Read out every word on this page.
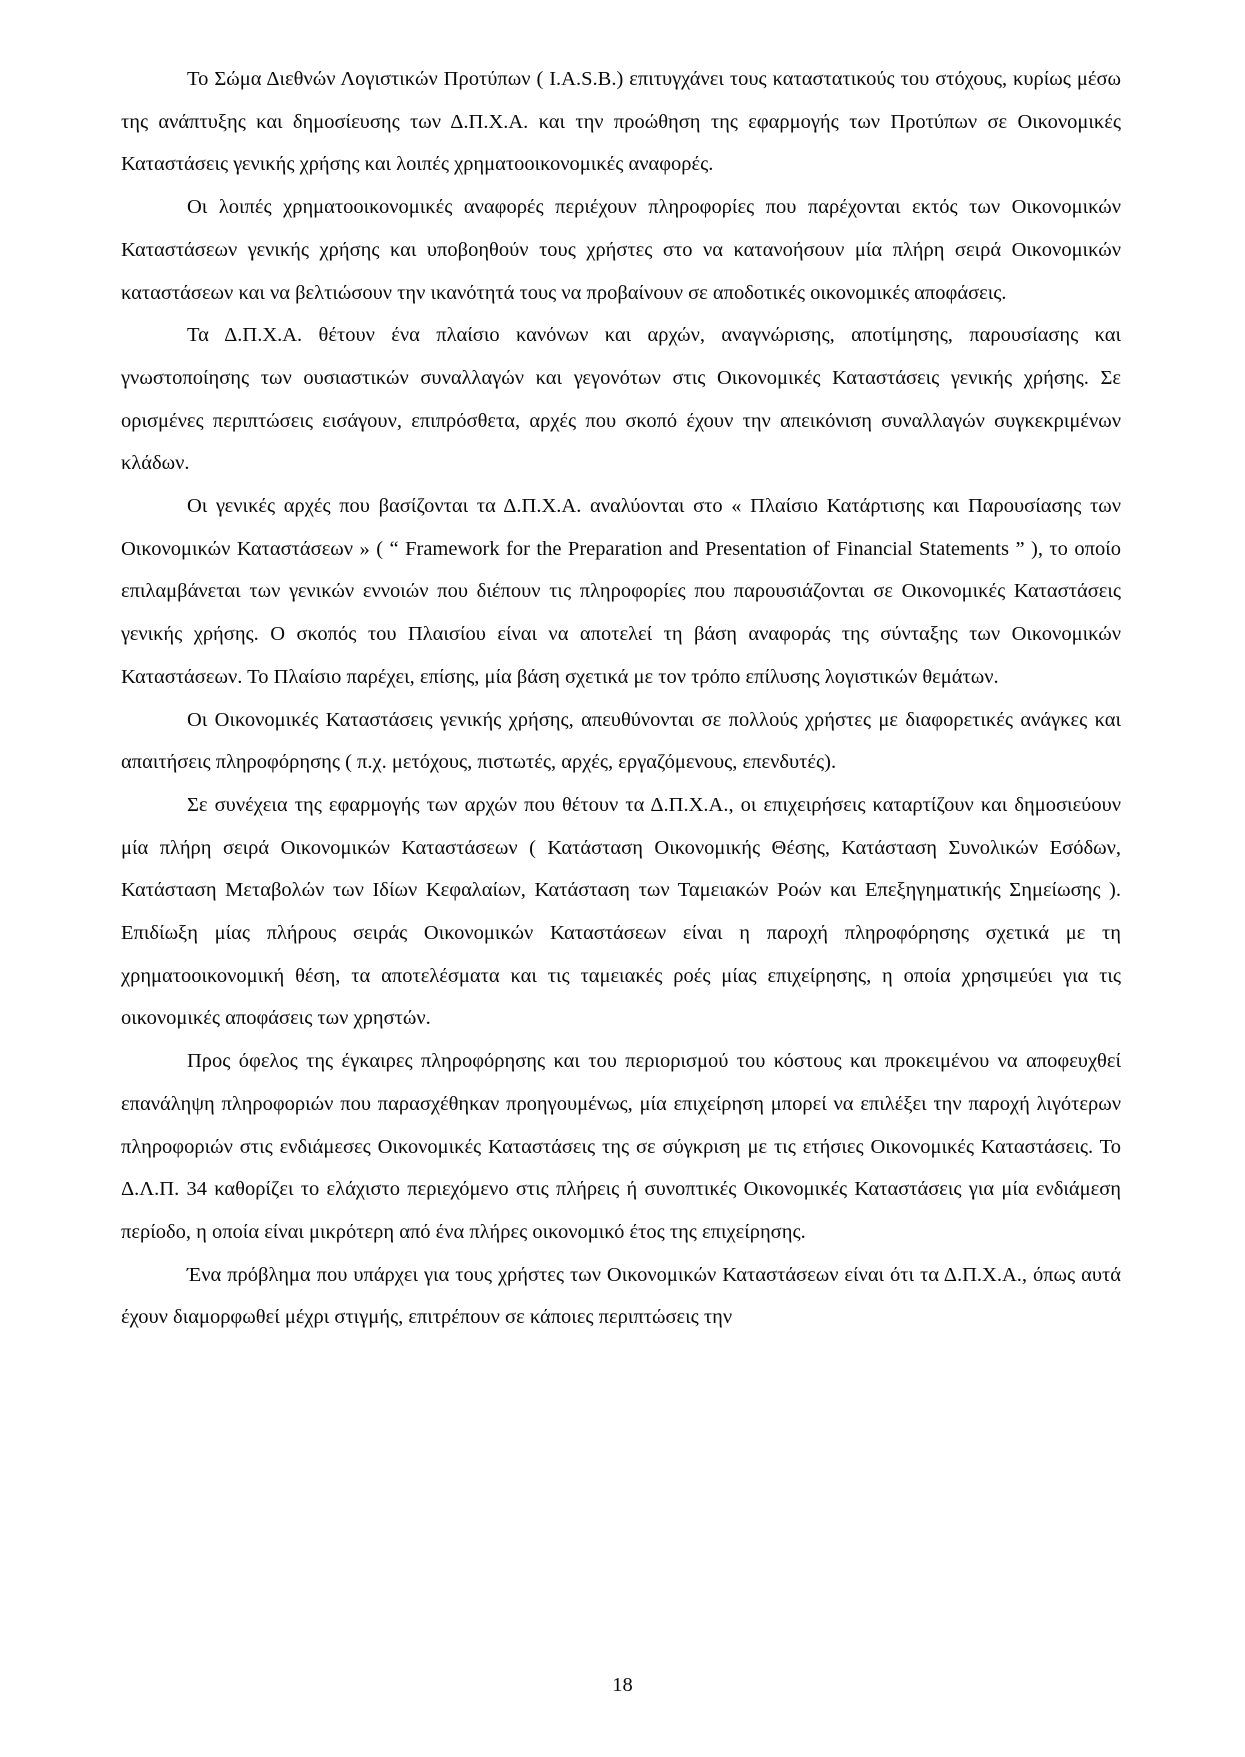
Το Σώμα Διεθνών Λογιστικών Προτύπων ( I.A.S.B.) επιτυγχάνει τους καταστατικούς του στόχους, κυρίως μέσω της ανάπτυξης και δημοσίευσης των Δ.Π.Χ.Α. και την προώθηση της εφαρμογής των Προτύπων σε Οικονομικές Καταστάσεις γενικής χρήσης και λοιπές χρηματοοικονομικές αναφορές.

Οι λοιπές χρηματοοικονομικές αναφορές περιέχουν πληροφορίες που παρέχονται εκτός των Οικονομικών Καταστάσεων γενικής χρήσης και υποβοηθούν τους χρήστες στο να κατανοήσουν μία πλήρη σειρά Οικονομικών καταστάσεων και να βελτιώσουν την ικανότητά τους να προβαίνουν σε αποδοτικές οικονομικές αποφάσεις.

Τα Δ.Π.Χ.Α. θέτουν ένα πλαίσιο κανόνων και αρχών, αναγνώρισης, αποτίμησης, παρουσίασης και γνωστοποίησης των ουσιαστικών συναλλαγών και γεγονότων στις Οικονομικές Καταστάσεις γενικής χρήσης. Σε ορισμένες περιπτώσεις εισάγουν, επιπρόσθετα, αρχές που σκοπό έχουν την απεικόνιση συναλλαγών συγκεκριμένων κλάδων.

Οι γενικές αρχές που βασίζονται τα Δ.Π.Χ.Α. αναλύονται στο « Πλαίσιο Κατάρτισης και Παρουσίασης των Οικονομικών Καταστάσεων » ( “ Framework for the Preparation and Presentation of Financial Statements ” ), το οποίο επιλαμβάνεται των γενικών εννοιών που διέπουν τις πληροφορίες που παρουσιάζονται σε Οικονομικές Καταστάσεις γενικής χρήσης. Ο σκοπός του Πλαισίου είναι να αποτελεί τη βάση αναφοράς της σύνταξης των Οικονομικών Καταστάσεων. Το Πλαίσιο παρέχει, επίσης, μία βάση σχετικά με τον τρόπο επίλυσης λογιστικών θεμάτων.

Οι Οικονομικές Καταστάσεις γενικής χρήσης, απευθύνονται σε πολλούς χρήστες με διαφορετικές ανάγκες και απαιτήσεις πληροφόρησης ( π.χ. μετόχους, πιστωτές, αρχές, εργαζόμενους, επενδυτές).

Σε συνέχεια της εφαρμογής των αρχών που θέτουν τα Δ.Π.Χ.Α., οι επιχειρήσεις καταρτίζουν και δημοσιεύουν μία πλήρη σειρά Οικονομικών Καταστάσεων ( Κατάσταση Οικονομικής Θέσης, Κατάσταση Συνολικών Εσόδων, Κατάσταση Μεταβολών των Ιδίων Κεφαλαίων, Κατάσταση των Ταμειακών Ροών και Επεξηγηματικής Σημείωσης ). Επιδίωξη μίας πλήρους σειράς Οικονομικών Καταστάσεων είναι η παροχή πληροφόρησης σχετικά με τη χρηματοοικονομική θέση, τα αποτελέσματα και τις ταμειακές ροές μίας επιχείρησης, η οποία χρησιμεύει για τις οικονομικές αποφάσεις των χρηστών.

Προς όφελος της έγκαιρες πληροφόρησης και του περιορισμού του κόστους και προκειμένου να αποφευχθεί επανάληψη πληροφοριών που παρασχέθηκαν προηγουμένως, μία επιχείρηση μπορεί να επιλέξει την παροχή λιγότερων πληροφοριών στις ενδιάμεσες Οικονομικές Καταστάσεις της σε σύγκριση με τις ετήσιες Οικονομικές Καταστάσεις. Το Δ.Λ.Π. 34 καθορίζει το ελάχιστο περιεχόμενο στις πλήρεις ή συνοπτικές Οικονομικές Καταστάσεις για μία ενδιάμεση περίοδο, η οποία είναι μικρότερη από ένα πλήρες οικονομικό έτος της επιχείρησης.

Ένα πρόβλημα που υπάρχει για τους χρήστες των Οικονομικών Καταστάσεων είναι ότι τα Δ.Π.Χ.Α., όπως αυτά έχουν διαμορφωθεί μέχρι στιγμής, επιτρέπουν σε κάποιες περιπτώσεις την

18
